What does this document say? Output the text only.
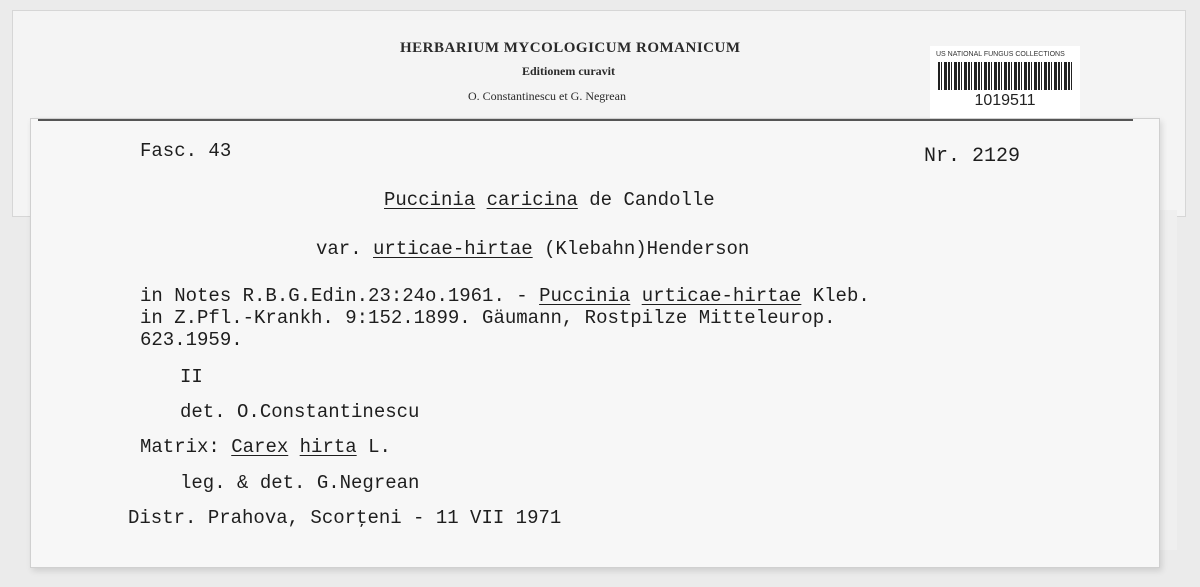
HERBARIUM MYCOLOGICUM ROMANICUM
Editionem curavit
O. Constantinescu et G. Negrean
US NATIONAL FUNGUS COLLECTIONS
1019511
Fasc. 43	Nr. 2129
Puccinia caricina de Candolle
var. urticae-hirtae (Klebahn)Henderson
in Notes R.B.G.Edin.23:24o.1961. - Puccinia urticae-hirtae Kleb.
in Z.Pfl.-Krankh. 9:152.1899. Gäumann, Rostpilze Mitteleurop.
623.1959.
II
det. O.Constantinescu
Matrix: Carex hirta L.
leg. & det. G.Negrean
Distr. Prahova, Scorţeni - 11 VII 1971
